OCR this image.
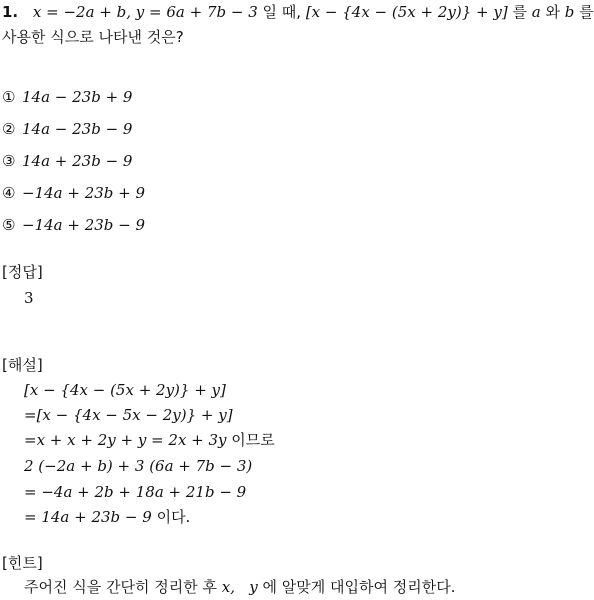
1. x = −2a + b, y = 6a + 7b − 3 일 때, [x − {4x − (5x + 2y)} + y] 를 a 와 b 를
사용한 식으로 나타낸 것은?
① 14a − 23b + 9
② 14a − 23b − 9
③ 14a + 23b − 9
④ −14a + 23b + 9
⑤ −14a + 23b − 9
[정답]
3
[해설]
[x − {4x − (5x + 2y)} + y]
=[x − {4x − 5x − 2y)} + y]
=x + x + 2y + y = 2x + 3y 이므로
2 (−2a + b) + 3 (6a + 7b − 3)
= −4a + 2b + 18a + 21b − 9
= 14a + 23b − 9 이다.
[힌트]
주어진 식을 간단히 정리한 후 x, y 에 알맞게 대입하여 정리한다.
